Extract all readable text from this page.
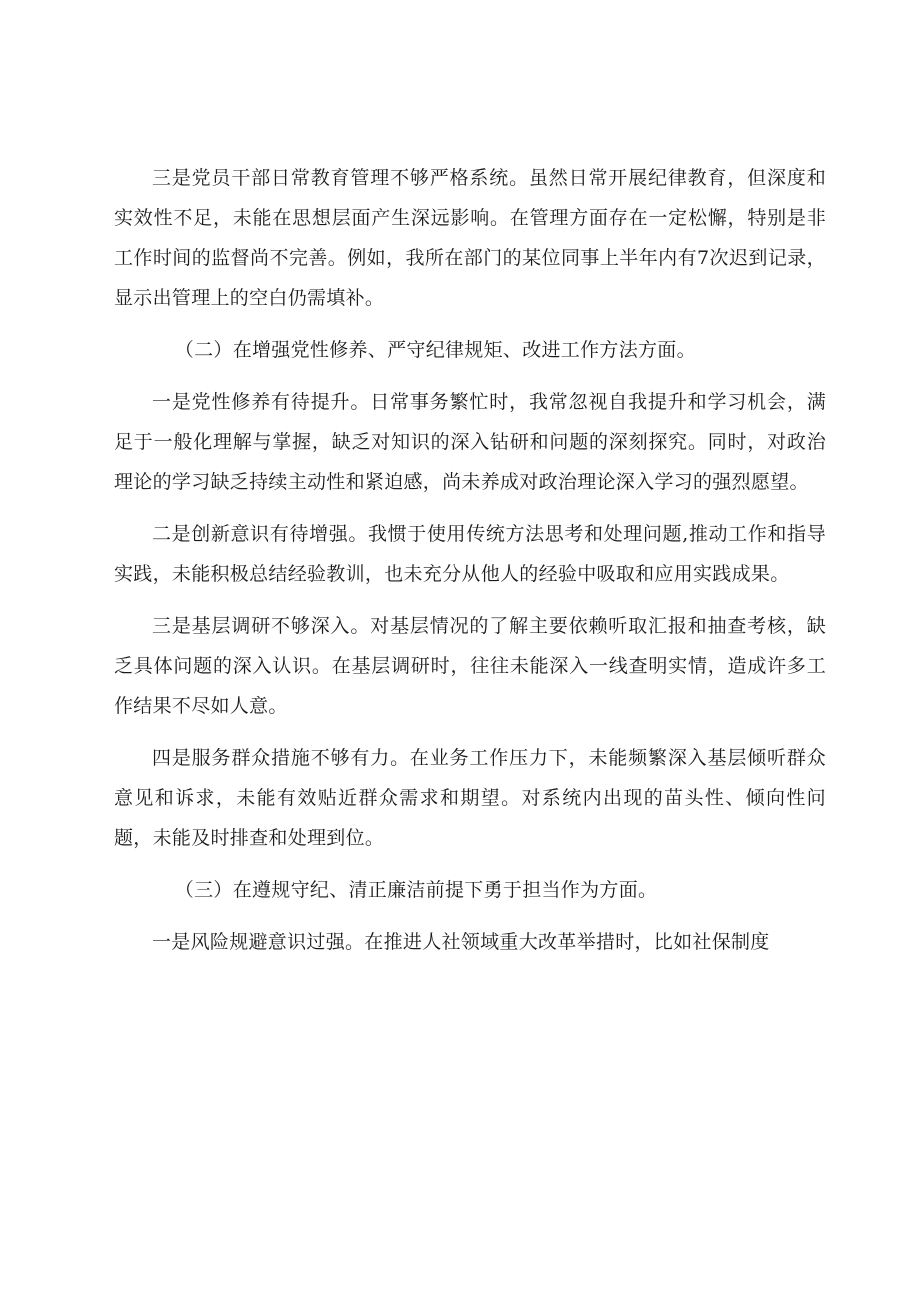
三是党员干部日常教育管理不够严格系统。虽然日常开展纪律教育，但深度和实效性不足，未能在思想层面产生深远影响。在管理方面存在一定松懈，特别是非工作时间的监督尚不完善。例如，我所在部门的某位同事上半年内有7次迟到记录，显示出管理上的空白仍需填补。

（二）在增强党性修养、严守纪律规矩、改进工作方法方面。

一是党性修养有待提升。日常事务繁忙时，我常忽视自我提升和学习机会，满足于一般化理解与掌握，缺乏对知识的深入钻研和问题的深刻探究。同时，对政治理论的学习缺乏持续主动性和紧迫感，尚未养成对政治理论深入学习的强烈愿望。

二是创新意识有待增强。我惯于使用传统方法思考和处理问题,推动工作和指导实践，未能积极总结经验教训，也未充分从他人的经验中吸取和应用实践成果。

三是基层调研不够深入。对基层情况的了解主要依赖听取汇报和抽查考核，缺乏具体问题的深入认识。在基层调研时，往往未能深入一线查明实情，造成许多工作结果不尽如人意。

四是服务群众措施不够有力。在业务工作压力下，未能频繁深入基层倾听群众意见和诉求，未能有效贴近群众需求和期望。对系统内出现的苗头性、倾向性问题，未能及时排查和处理到位。

（三）在遵规守纪、清正廉洁前提下勇于担当作为方面。

一是风险规避意识过强。在推进人社领域重大改革举措时，比如社保制度
